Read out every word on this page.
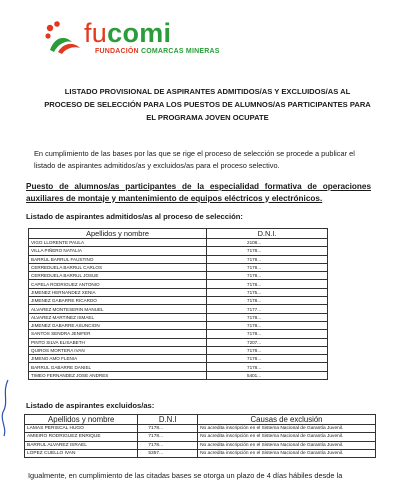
fucomi
FUNDACIÓN COMARCAS MINERAS
LISTADO PROVISIONAL DE ASPIRANTES ADMITIDOS/AS Y EXCLUIDOS/AS AL
PROCESO DE SELECCIÓN PARA LOS PUESTOS DE ALUMNOS/AS PARTICIPANTES PARA
EL PROGRAMA JOVEN OCUPATE
En cumplimiento de las bases por las que se rige el proceso de selección se procede a publicar el listado de aspirantes admitidos/as y excluidos/as para el proceso selectivo.
Puesto de alumnos/as participantes de la especialidad formativa de operaciones auxiliares de montaje y mantenimiento de equipos eléctricos y electrónicos.
Listado de aspirantes admitidos/as al proceso de selección:
Apellidos y nombre	D.N.I.
VIGO LLORENTE PAULA	2108...
VILLA PIÑERO NATALIA	7178...
BARRUL BARRUL FAUSTINO	7178...
CERREDUELA BARRUL CARLOS	7178...
CERREDUELA BARRUL JOSUE	7178...
CAPELA RODRIGUEZ ANTONIO	7178...
JIMENEZ HERNANDEZ XENIA	7175...
JIMENEZ GABARRE RICARDO	7178...
ALVAREZ MONTESERIN MANUEL	7177...
ALVAREZ MARTINEZ ISMAEL	7178...
JIMENEZ GABARRE ASUNCION	7178...
SANTOS SENDRA JENIFER	7178...
PINTO SILVA ELISABETH	7207...
QUIROS MORTERA IVAN	7178...
JIMENO AMO FLENIA	7178...
BARRUL GABARRE DANIEL	7178...
TIMEO FERNANDEZ JOSE ANDRES	5401...
Listado de aspirantes excluidos/as:
Apellidos y nombre	D.N.I	Causas de exclusión
LAMAS PERISCAL HUGO	7178...	No acredita inscripción en el Sistema Nacional de Garantía Juvenil.
AMIEIRO RODRIGUEZ ENRIQUE	7178...	No acredita inscripción en el Sistema Nacional de Garantía Juvenil.
BARRUL ALVAREZ ISRAEL	7178...	No acredita inscripción en el Sistema Nacional de Garantía Juvenil.
LOPEZ CUELLO IVAN	5357...	No acredita inscripción en el Sistema Nacional de Garantía Juvenil.
Igualmente, en cumplimiento de las citadas bases se otorga un plazo de 4 días hábiles desde la
